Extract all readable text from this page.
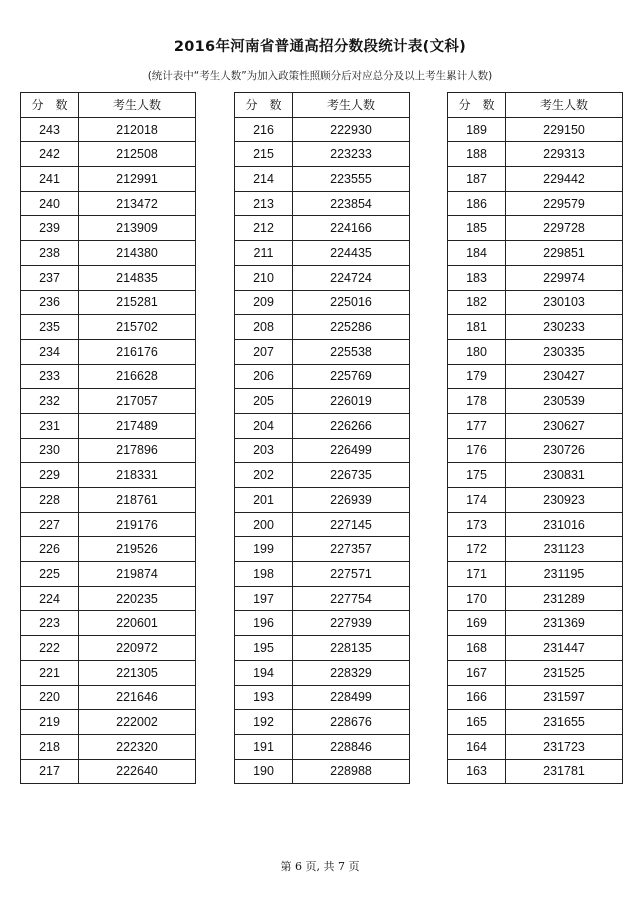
2016年河南省普通高招分数段统计表(文科)
(统计表中“考生人数”为加入政策性照顾分后对应总分及以上考生累计人数)
分　数	考生人数
243	212018
242	212508
241	212991
240	213472
239	213909
238	214380
237	214835
236	215281
235	215702
234	216176
233	216628
232	217057
231	217489
230	217896
229	218331
228	218761
227	219176
226	219526
225	219874
224	220235
223	220601
222	220972
221	221305
220	221646
219	222002
218	222320
217	222640
分　数	考生人数
216	222930
215	223233
214	223555
213	223854
212	224166
211	224435
210	224724
209	225016
208	225286
207	225538
206	225769
205	226019
204	226266
203	226499
202	226735
201	226939
200	227145
199	227357
198	227571
197	227754
196	227939
195	228135
194	228329
193	228499
192	228676
191	228846
190	228988
分　数	考生人数
189	229150
188	229313
187	229442
186	229579
185	229728
184	229851
183	229974
182	230103
181	230233
180	230335
179	230427
178	230539
177	230627
176	230726
175	230831
174	230923
173	231016
172	231123
171	231195
170	231289
169	231369
168	231447
167	231525
166	231597
165	231655
164	231723
163	231781
第 6 页, 共 7 页
